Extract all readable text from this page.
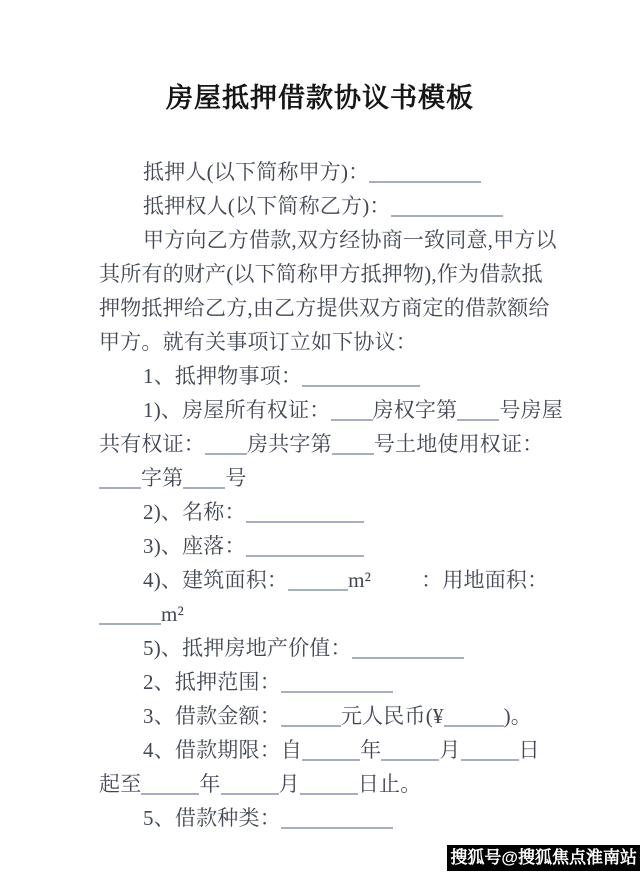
房屋抵押借款协议书模板
抵押人(以下简称甲方)：
抵押权人(以下简称乙方)：
甲方向乙方借款,双方经协商一致同意,甲方以
其所有的财产(以下简称甲方抵押物),作为借款抵
押物抵押给乙方,由乙方提供双方商定的借款额给
甲方。就有关事项订立如下协议：
1、抵押物事项：
1)、房屋所有权证： 房权字第 号房屋
共有权证： 房共字第 号土地使用权证：
字第 号
2)、名称：
3)、座落：
4)、建筑面积：	m² ：用地面积：
m²
5)、抵押房地产价值：
2、抵押范围：
3、借款金额：	元人民币(¥	)。
4、借款期限：自	年	月	日
起至	年	月	日止。
5、借款种类：
搜狐号@搜狐焦点淮南站
